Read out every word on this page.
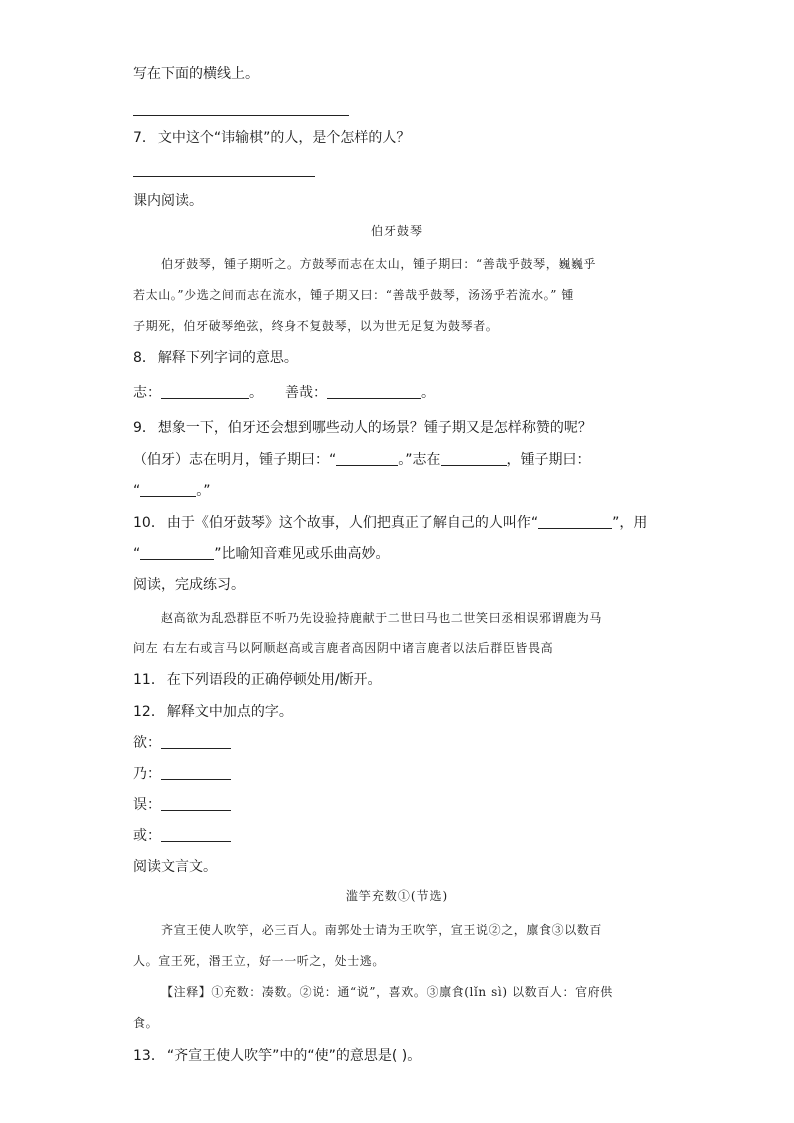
写在下面的横线上。
7． 文中这个“讳输棋”的人，是个怎样的人？
课内阅读。
伯牙鼓琴
伯牙鼓琴，锺子期听之。方鼓琴而志在太山，锺子期曰：“善哉乎鼓琴，巍巍乎
若太山。”少选之间而志在流水，锺子期又曰：“善哉乎鼓琴，汤汤乎若流水。” 锺
子期死，伯牙破琴绝弦，终身不复鼓琴，以为世无足复为鼓琴者。
8． 解释下列字词的意思。
志：	。 善哉：	。
9． 想象一下，伯牙还会想到哪些动人的场景？锺子期又是怎样称赞的呢？
（伯牙）志在明月，锺子期曰：“	。”志在	，锺子期曰：
“	。”
10． 由于《伯牙鼓琴》这个故事，人们把真正了解自己的人叫作“	”，用
“	”比喻知音难见或乐曲高妙。
阅读，完成练习。
赵高欲为乱恐群臣不听乃先设验持鹿献于二世曰马也二世笑曰丞相误邪谓鹿为马
问左 右左右或言马以阿顺赵高或言鹿者高因阴中诸言鹿者以法后群臣皆畏高
11． 在下列语段的正确停顿处用/断开。
12． 解释文中加点的字。
欲：
乃：
误：
或：
阅读文言文。
滥竽充数①(节选)
齐宣王使人吹竽，必三百人。南郭处士请为王吹竽，宣王说②之，廪食③以数百
人。宣王死，湣王立，好一一听之，处士逃。
【注释】①充数：凑数。②说：通“说”，喜欢。③廪食(lǐn sì) 以数百人：官府供
食。
13． “齐宣王使人吹竽”中的“使”的意思是( )。
